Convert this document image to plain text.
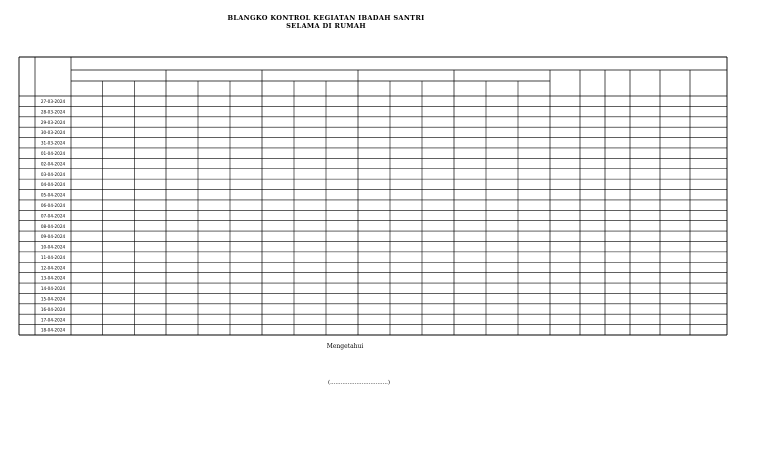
BLANGKO KONTROL KEGIATAN IBADAH SANTRI
SELAMA DI RUMAH
27-03-2024
28-03-2024
29-03-2024
30-03-2024
31-03-2024
01-04-2024
02-04-2024
03-04-2024
04-04-2024
05-04-2024
06-04-2024
07-04-2024
08-04-2024
09-04-2024
10-04-2024
11-04-2024
12-04-2024
13-04-2024
14-04-2024
15-04-2024
16-04-2024
17-04-2024
18-04-2024
Mengetahui
(.................................)
